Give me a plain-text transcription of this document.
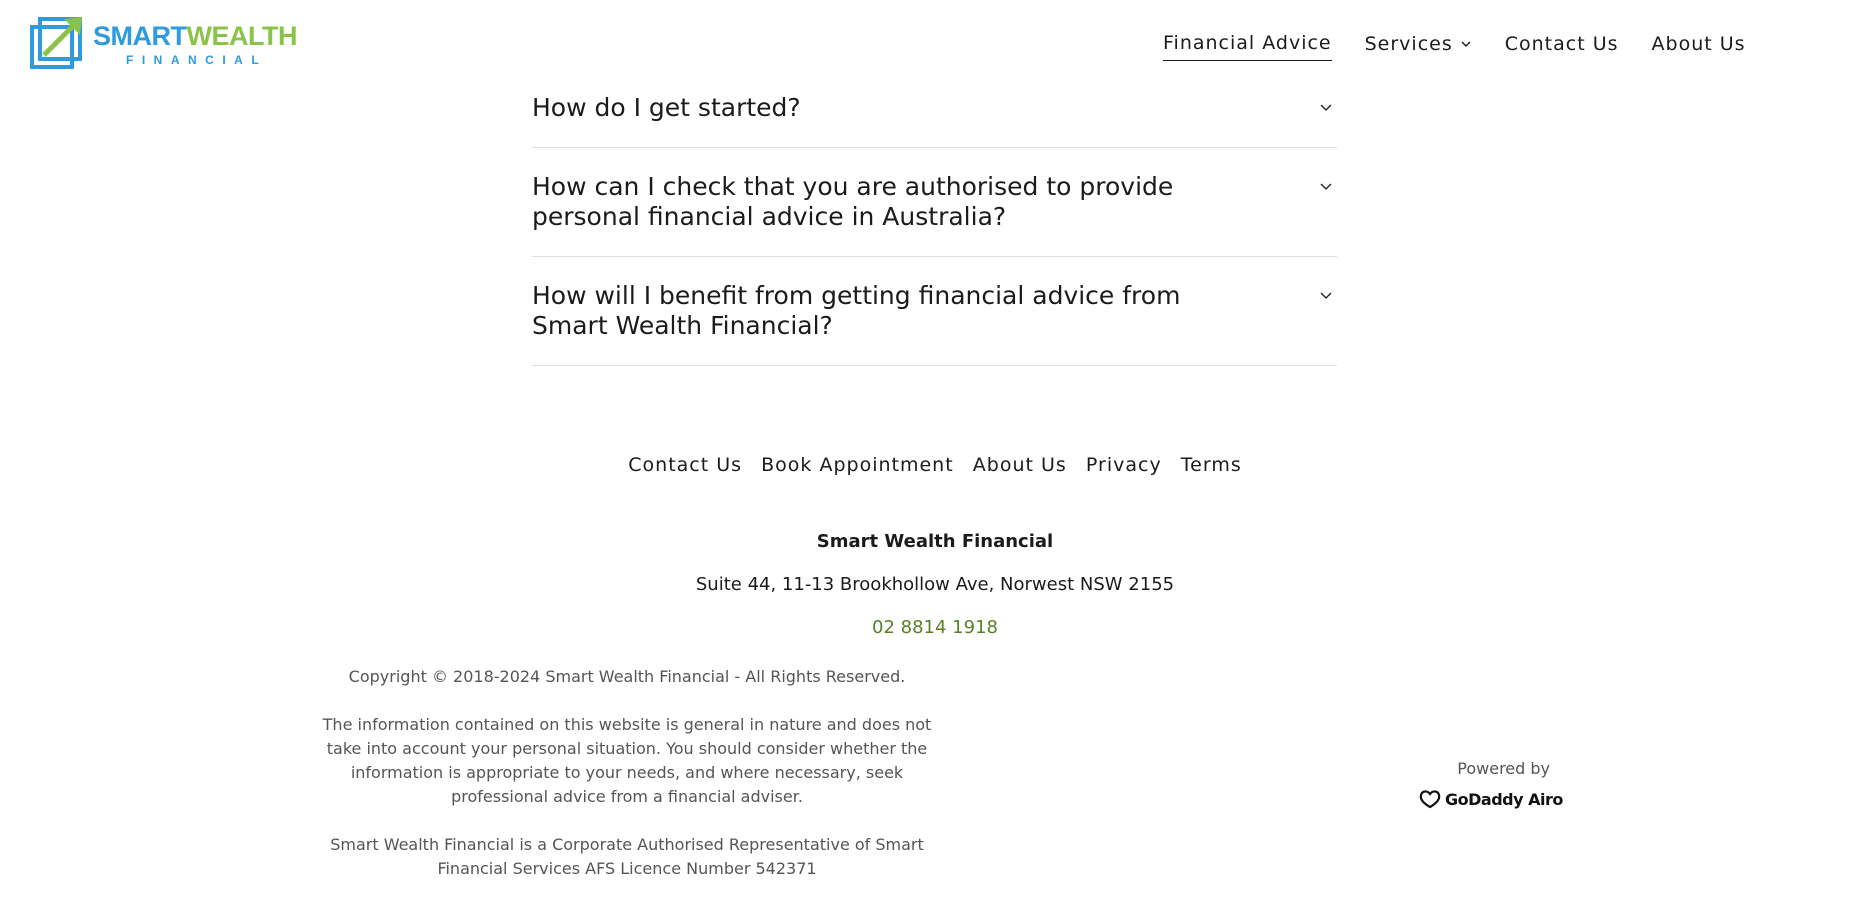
SMARTWEALTH
FINANCIAL
Financial Advice Services	Contact Us About Us
How do I get started?
How can I check that you are authorised to provide personal financial advice in Australia?
How will I benefit from getting financial advice from Smart Wealth Financial?
Contact Us Book Appointment About Us Privacy Terms
Smart Wealth Financial
Suite 44, 11-13 Brookhollow Ave, Norwest NSW 2155
02 8814 1918
Copyright © 2018-2024 Smart Wealth Financial - All Rights Reserved.
The information contained on this website is general in nature and does not take into account your personal situation. You should consider whether the information is appropriate to your needs, and where necessary, seek professional advice from a financial adviser.
Smart Wealth Financial is a Corporate Authorised Representative of Smart Financial Services AFS Licence Number 542371
Powered by
GoDaddy Airo
